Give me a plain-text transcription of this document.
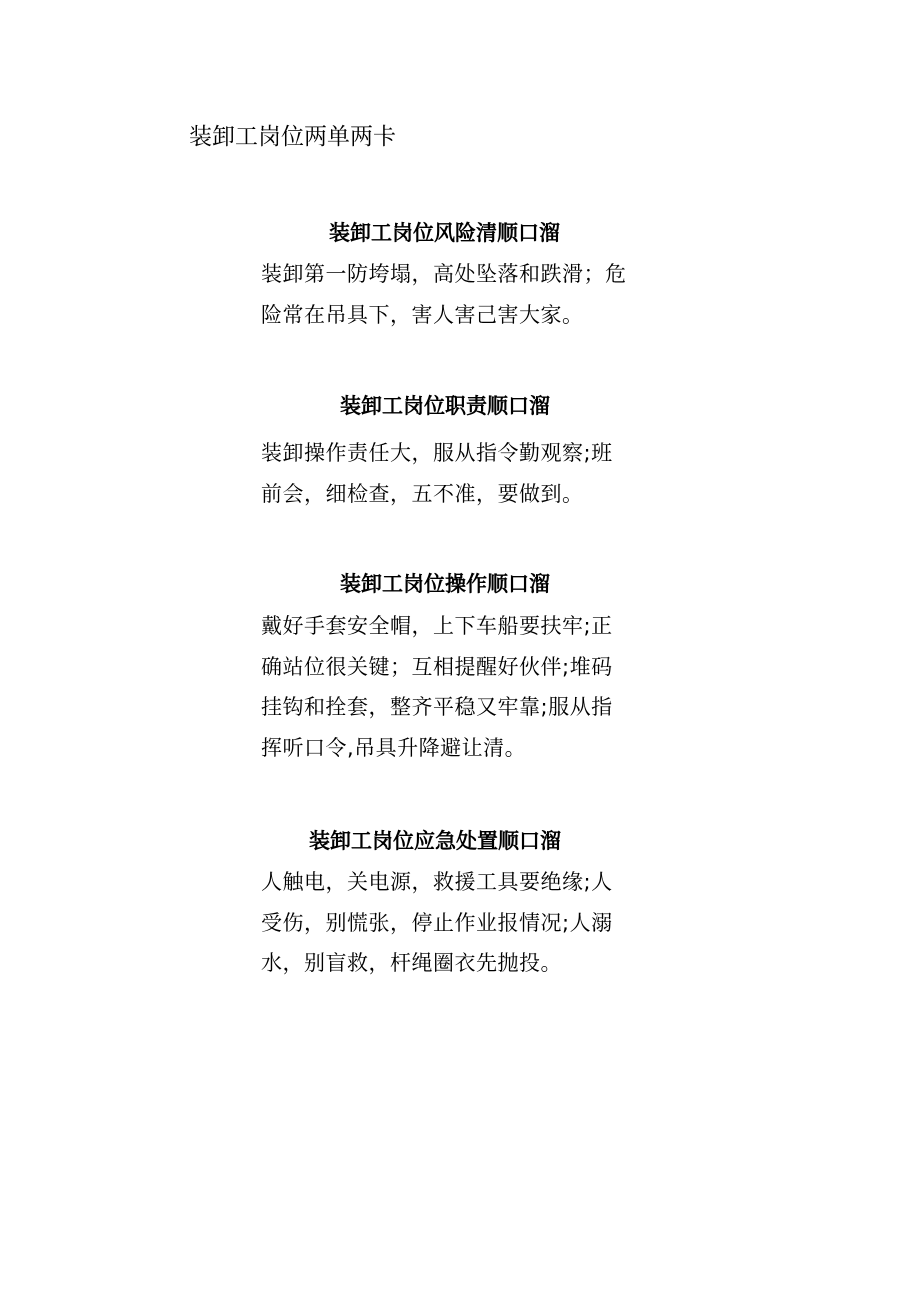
装卸工岗位两单两卡
装卸工岗位风险清顺口溜
装卸第一防垮塌，高处坠落和跌滑；危
险常在吊具下，害人害己害大家。
装卸工岗位职责顺口溜
装卸操作责任大，服从指令勤观察;班
前会，细检查，五不准，要做到。
装卸工岗位操作顺口溜
戴好手套安全帽，上下车船要扶牢;正
确站位很关键；互相提醒好伙伴;堆码
挂钩和拴套，整齐平稳又牢靠;服从指
挥听口令,吊具升降避让清。
装卸工岗位应急处置顺口溜
人触电，关电源，救援工具要绝缘;人
受伤，别慌张，停止作业报情况;人溺
水，别盲救，杆绳圈衣先抛投。
